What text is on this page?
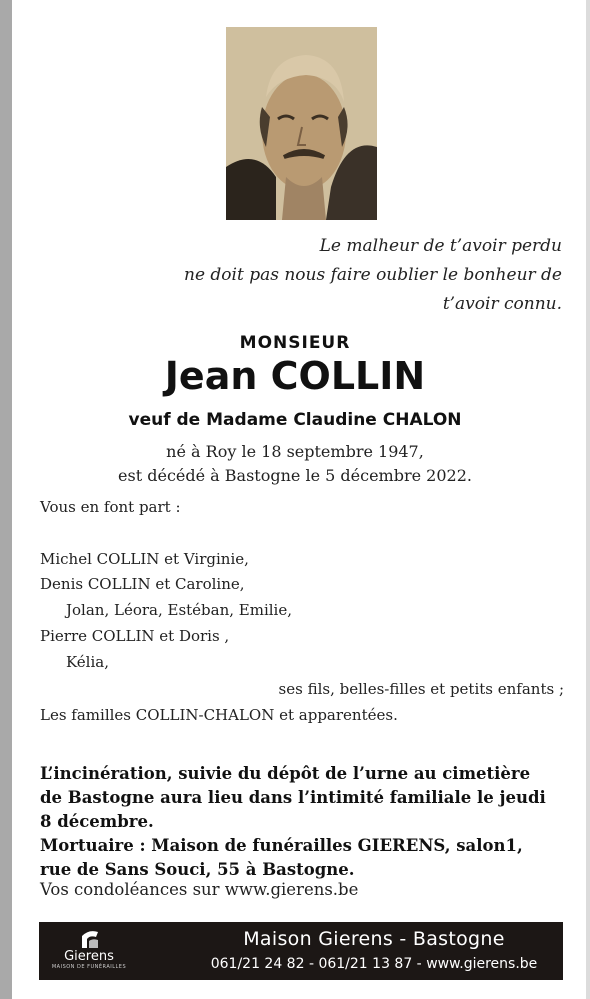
Le malheur de t’avoir perdu
ne doit pas nous faire oublier le bonheur de
t’avoir connu.
MONSIEUR
Jean COLLIN
veuf de Madame Claudine CHALON
né à Roy le 18 septembre 1947,
est décédé à Bastogne le 5 décembre 2022.
Vous en font part :
Michel COLLIN et Virginie,
Denis COLLIN et Caroline,
Jolan, Léora, Estéban, Emilie,
Pierre COLLIN et Doris ,
Kélia,
ses fils, belles-filles et petits enfants ;
Les familles COLLIN-CHALON et apparentées.
L’incinération, suivie du dépôt de l’urne au cimetière
de Bastogne aura lieu dans l’intimité familiale le jeudi
8 décembre.
Mortuaire : Maison de funérailles GIERENS, salon1,
rue de Sans Souci, 55 à Bastogne.
Vos condoléances sur www.gierens.be
Gierens
MAISON DE FUNÉRAILLES
Maison Gierens - Bastogne
061/21 24 82 - 061/21 13 87 - www.gierens.be
